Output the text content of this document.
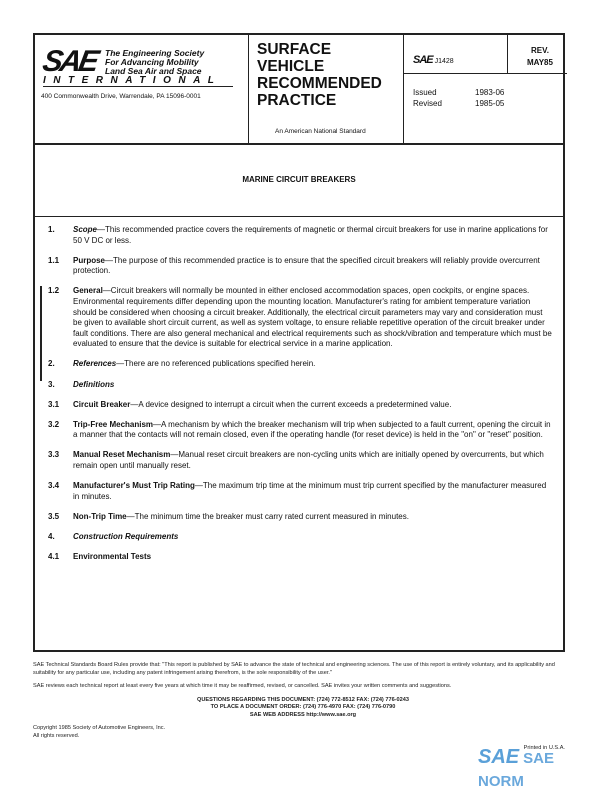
SAE The Engineering Society
For Advancing Mobility
Land Sea Air and Space
INTERNATIONAL
400 Commonwealth Drive, Warrendale, PA 15096-0001
SURFACE
VEHICLE
RECOMMENDED
PRACTICE
An American National Standard
SAE J1428
REV.
MAY85
Issued	1983-06
Revised	1985-05
MARINE CIRCUIT BREAKERS
1. Scope—This recommended practice covers the requirements of magnetic or thermal circuit breakers for use in marine applications for 50 V DC or less.
1.1 Purpose—The purpose of this recommended practice is to ensure that the specified circuit breakers will reliably provide overcurrent protection.
1.2 General—Circuit breakers will normally be mounted in either enclosed accommodation spaces, open cockpits, or engine spaces. Environmental requirements differ depending upon the mounting location. Manufacturer's rating for ambient temperature variation should be considered when choosing a circuit breaker. Additionally, the electrical circuit parameters may vary and consideration must be given to available short circuit current, as well as system voltage, to ensure reliable repetitive operation of the circuit breaker under fault conditions. There are also general mechanical and electrical requirements such as shock/vibration and temperature which must be evaluated to ensure that the device is suitable for electrical service in a marine application.
2. References—There are no referenced publications specified herein.
3. Definitions
3.1 Circuit Breaker—A device designed to interrupt a circuit when the current exceeds a predetermined value.
3.2 Trip-Free Mechanism—A mechanism by which the breaker mechanism will trip when subjected to a fault current, opening the circuit in a manner that the contacts will not remain closed, even if the operating handle (for reset device) is held in the "on" or "reset" position.
3.3 Manual Reset Mechanism—Manual reset circuit breakers are non-cycling units which are initially opened by overcurrents, but which remain open until manually reset.
3.4 Manufacturer's Must Trip Rating—The maximum trip time at the minimum must trip current specified by the manufacturer measured in minutes.
3.5 Non-Trip Time—The minimum time the breaker must carry rated current measured in minutes.
4. Construction Requirements
4.1 Environmental Tests
SAE Technical Standards Board Rules provide that: "This report is published by SAE to advance the state of technical and engineering sciences. The use of this report is entirely voluntary, and its applicability and suitability for any particular use, including any patent infringement arising therefrom, is the sole responsibility of the user."
SAE reviews each technical report at least every five years at which time it may be reaffirmed, revised, or cancelled. SAE invites your written comments and suggestions.
QUESTIONS REGARDING THIS DOCUMENT: (724) 772-8512 FAX: (724) 776-0243
TO PLACE A DOCUMENT ORDER: (724) 776-4970 FAX: (724) 776-0790
SAE WEB ADDRESS http://www.sae.org
Copyright 1985 Society of Automotive Engineers, Inc.
All rights reserved.
Printed in U.S.A.
SAE SAE NORM
